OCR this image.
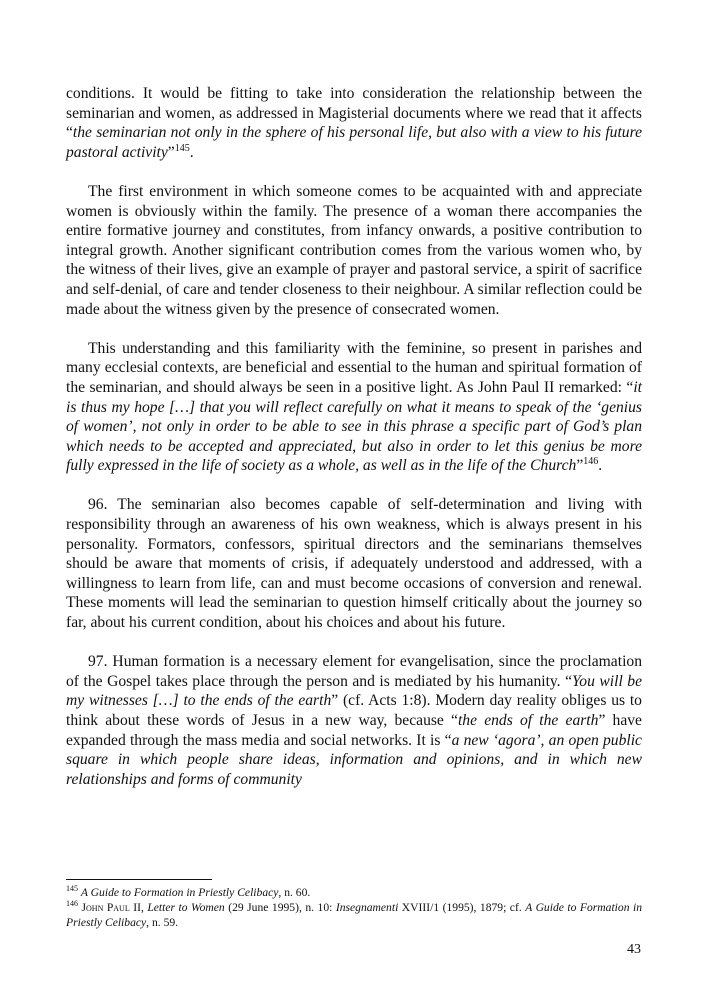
conditions. It would be fitting to take into consideration the relationship between the seminarian and women, as addressed in Magisterial documents where we read that it affects “the seminarian not only in the sphere of his personal life, but also with a view to his future pastoral activity”$^{145}$.

The first environment in which someone comes to be acquainted with and appreciate women is obviously within the family. The presence of a woman there accompanies the entire formative journey and constitutes, from infancy onwards, a positive contribution to integral growth. Another significant contribution comes from the various women who, by the witness of their lives, give an example of prayer and pastoral service, a spirit of sacrifice and self-denial, of care and tender closeness to their neighbour. A similar reflection could be made about the witness given by the presence of consecrated women.

This understanding and this familiarity with the feminine, so present in parishes and many ecclesial contexts, are beneficial and essential to the human and spiritual formation of the seminarian, and should always be seen in a positive light. As John Paul II remarked: “it is thus my hope […] that you will reflect carefully on what it means to speak of the ‘genius of women’, not only in order to be able to see in this phrase a specific part of God’s plan which needs to be accepted and appreciated, but also in order to let this genius be more fully expressed in the life of society as a whole, as well as in the life of the Church”$^{146}$.

96. The seminarian also becomes capable of self-determination and living with responsibility through an awareness of his own weakness, which is always present in his personality. Formators, confessors, spiritual directors and the seminarians themselves should be aware that moments of crisis, if adequately understood and addressed, with a willingness to learn from life, can and must become occasions of conversion and renewal. These moments will lead the seminarian to question himself critically about the journey so far, about his current condition, about his choices and about his future.

97. Human formation is a necessary element for evangelisation, since the proclamation of the Gospel takes place through the person and is mediated by his humanity. “You will be my witnesses […] to the ends of the earth” (cf. Acts 1:8). Modern day reality obliges us to think about these words of Jesus in a new way, because “the ends of the earth” have expanded through the mass media and social networks. It is “a new ‘agora’, an open public square in which people share ideas, information and opinions, and in which new relationships and forms of community

$^{145}$ A Guide to Formation in Priestly Celibacy, n. 60.

$^{146}$ John Paul II, Letter to Women (29 June 1995), n. 10: Insegnamenti XVIII/1 (1995), 1879; cf. A Guide to Formation in Priestly Celibacy, n. 59.

43
